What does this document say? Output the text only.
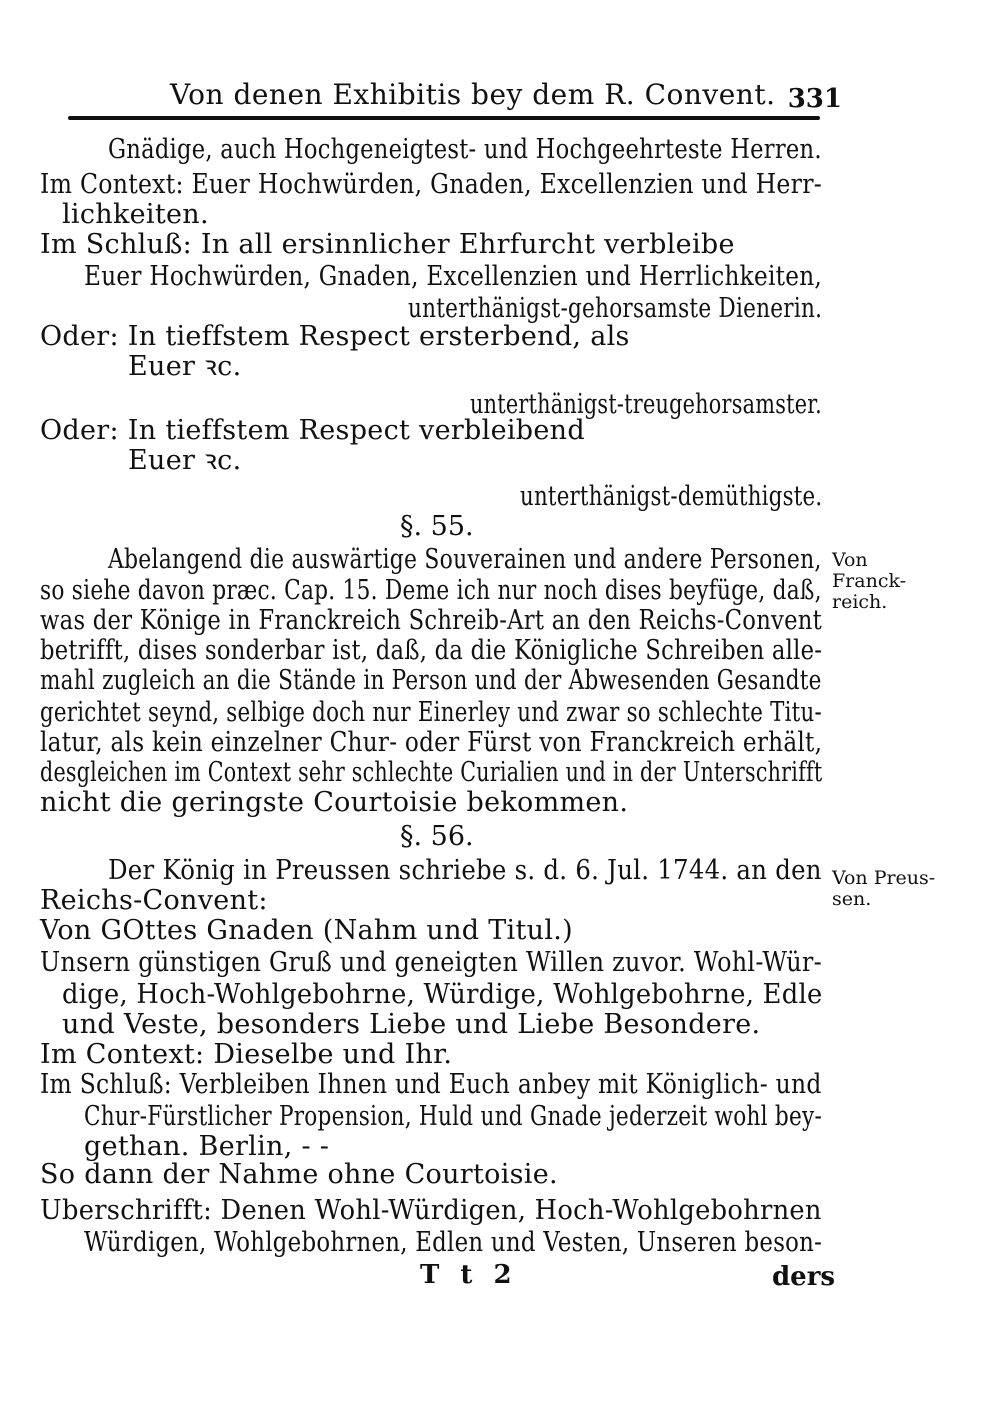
Von denen Exhibitis bey dem R. Convent. 331
Gnädige, auch Hochgeneigtest- und Hochgeehrteste Herren.
Im Context: Euer Hochwürden, Gnaden, Excellenzien und Herr-
lichkeiten.
Im Schluß: In all ersinnlicher Ehrfurcht verbleibe
Euer Hochwürden, Gnaden, Excellenzien und Herrlichkeiten,
unterthänigst-gehorsamste Dienerin.
Oder: In tieffstem Respect ersterbend, als
Euer ꝛc.
unterthänigst-treugehorsamster.
Oder: In tieffstem Respect verbleibend
Euer ꝛc.
unterthänigst-demüthigste.
§. 55.
Abelangend die auswärtige Souverainen und andere Personen,
so siehe davon præc. Cap. 15. Deme ich nur noch dises beyfüge, daß,
was der Könige in Franckreich Schreib-Art an den Reichs-Convent
betrifft, dises sonderbar ist, daß, da die Königliche Schreiben alle-
mahl zugleich an die Stände in Person und der Abwesenden Gesandte
gerichtet seynd, selbige doch nur Einerley und zwar so schlechte Titu-
latur, als kein einzelner Chur- oder Fürst von Franckreich erhält,
desgleichen im Context sehr schlechte Curialien und in der Unterschrifft
nicht die geringste Courtoisie bekommen.
Von
Franck-
reich.
§. 56.
Der König in Preussen schriebe s. d. 6. Jul. 1744. an den
Reichs-Convent:
Von GOttes Gnaden (Nahm und Titul.)
Unsern günstigen Gruß und geneigten Willen zuvor. Wohl-Wür-
dige, Hoch-Wohlgebohrne, Würdige, Wohlgebohrne, Edle
und Veste, besonders Liebe und Liebe Besondere.
Im Context: Dieselbe und Ihr.
Im Schluß: Verbleiben Ihnen und Euch anbey mit Königlich- und
Chur-Fürstlicher Propension, Huld und Gnade jederzeit wohl bey-
gethan. Berlin, - -
So dann der Nahme ohne Courtoisie.
Uberschrifft: Denen Wohl-Würdigen, Hoch-Wohlgebohrnen
Würdigen, Wohlgebohrnen, Edlen und Vesten, Unseren beson-
Von Preus-
sen.
T t 2	ders
